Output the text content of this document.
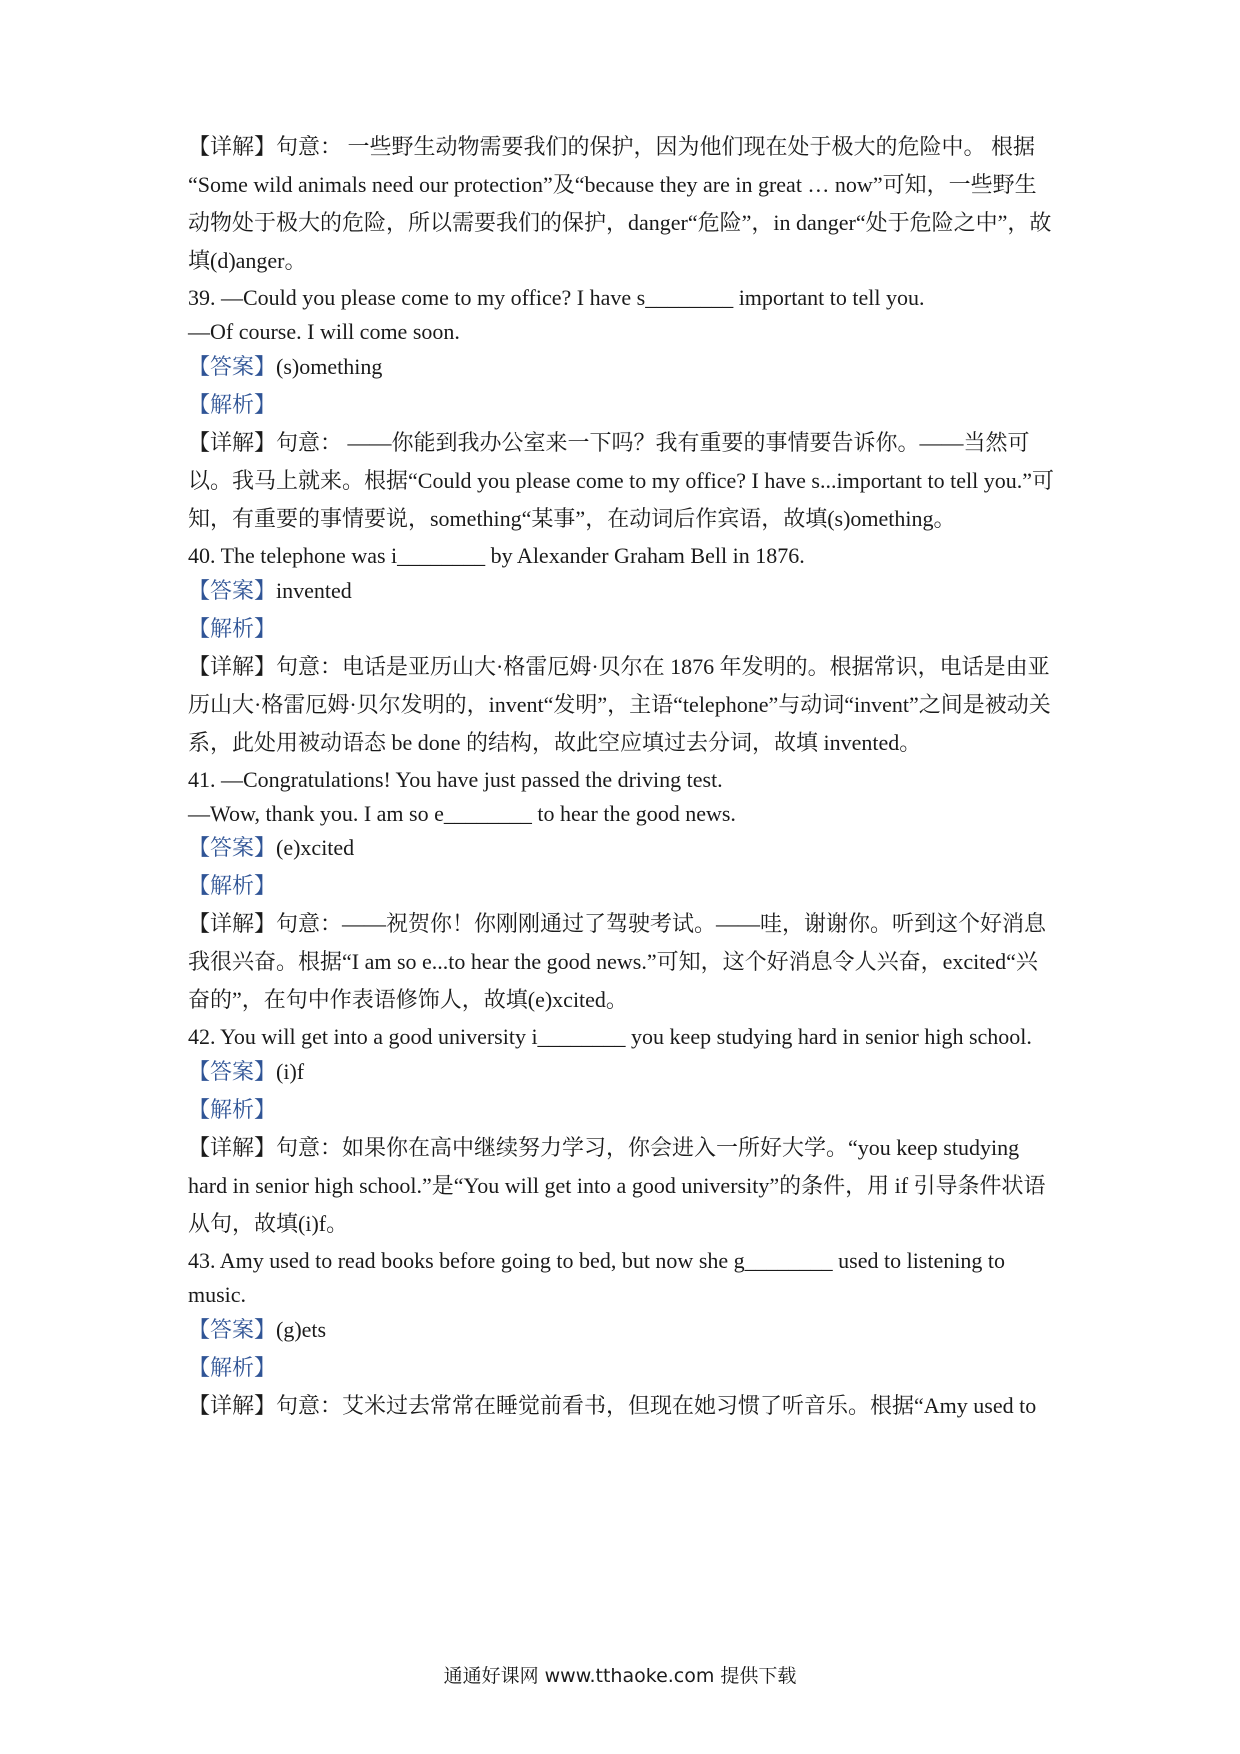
【详解】句意： 一些野生动物需要我们的保护，因为他们现在处于极大的危险中。 根据
“Some wild animals need our protection”及“because they are in great … now”可知，一些野生
动物处于极大的危险，所以需要我们的保护，danger“危险”，in danger“处于危险之中”，故
填(d)anger。
39. —Could you please come to my office? I have s________ important to tell you.
—Of course. I will come soon.
【答案】(s)omething
【解析】
【详解】句意： ——你能到我办公室来一下吗？我有重要的事情要告诉你。——当然可
以。我马上就来。根据“Could you please come to my office? I have s...important to tell you.”可
知，有重要的事情要说，something“某事”，在动词后作宾语，故填(s)omething。
40. The telephone was i________ by Alexander Graham Bell in 1876.
【答案】invented
【解析】
【详解】句意：电话是亚历山大·格雷厄姆·贝尔在 1876 年发明的。根据常识，电话是由亚
历山大·格雷厄姆·贝尔发明的，invent“发明”，主语“telephone”与动词“invent”之间是被动关
系，此处用被动语态 be done 的结构，故此空应填过去分词，故填 invented。
41. —Congratulations! You have just passed the driving test.
—Wow, thank you. I am so e________ to hear the good news.
【答案】(e)xcited
【解析】
【详解】句意：——祝贺你！你刚刚通过了驾驶考试。——哇，谢谢你。听到这个好消息
我很兴奋。根据“I am so e...to hear the good news.”可知，这个好消息令人兴奋，excited“兴
奋的”，在句中作表语修饰人，故填(e)xcited。
42. You will get into a good university i________ you keep studying hard in senior high school.
【答案】(i)f
【解析】
【详解】句意：如果你在高中继续努力学习，你会进入一所好大学。“you keep studying
hard in senior high school.”是“You will get into a good university”的条件，用 if 引导条件状语
从句，故填(i)f。
43. Amy used to read books before going to bed, but now she g________ used to listening to
music.
【答案】(g)ets
【解析】
【详解】句意：艾米过去常常在睡觉前看书，但现在她习惯了听音乐。根据“Amy used to
通通好课网 www.tthaoke.com 提供下载
